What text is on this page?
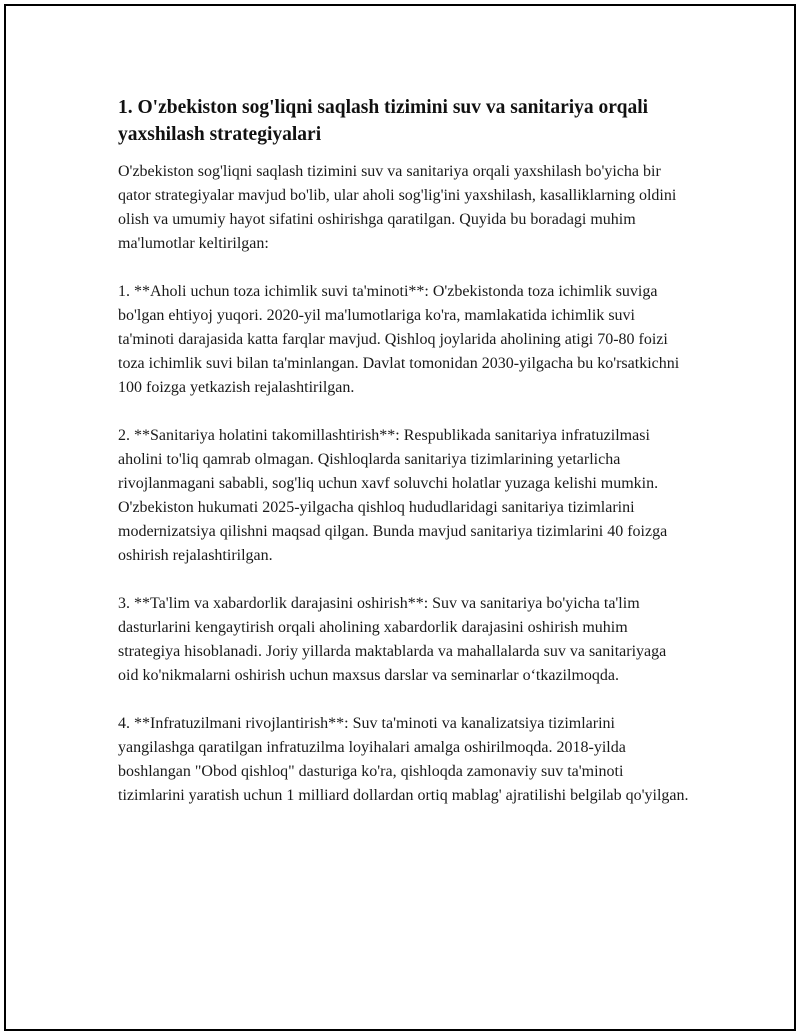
1. O'zbekiston sog'liqni saqlash tizimini suv va sanitariya orqali yaxshilash strategiyalari

O'zbekiston sog'liqni saqlash tizimini suv va sanitariya orqali yaxshilash bo'yicha bir qator strategiyalar mavjud bo'lib, ular aholi sog'lig'ini yaxshilash, kasalliklarning oldini olish va umumiy hayot sifatini oshirishga qaratilgan. Quyida bu boradagi muhim ma'lumotlar keltirilgan:

1. **Aholi uchun toza ichimlik suvi ta'minoti**: O'zbekistonda toza ichimlik suviga bo'lgan ehtiyoj yuqori. 2020-yil ma'lumotlariga ko'ra, mamlakatida ichimlik suvi ta'minoti darajasida katta farqlar mavjud. Qishloq joylarida aholining atigi 70-80 foizi toza ichimlik suvi bilan ta'minlangan. Davlat tomonidan 2030-yilgacha bu ko'rsatkichni 100 foizga yetkazish rejalashtirilgan.

2. **Sanitariya holatini takomillashtirish**: Respublikada sanitariya infratuzilmasi aholini to'liq qamrab olmagan. Qishloqlarda sanitariya tizimlarining yetarlicha rivojlanmagani sababli, sog'liq uchun xavf soluvchi holatlar yuzaga kelishi mumkin. O'zbekiston hukumati 2025-yilgacha qishloq hududlaridagi sanitariya tizimlarini modernizatsiya qilishni maqsad qilgan. Bunda mavjud sanitariya tizimlarini 40 foizga oshirish rejalashtirilgan.

3. **Ta'lim va xabardorlik darajasini oshirish**: Suv va sanitariya bo'yicha ta'lim dasturlarini kengaytirish orqali aholining xabardorlik darajasini oshirish muhim strategiya hisoblanadi. Joriy yillarda maktablarda va mahallalarda suv va sanitariyaga oid ko'nikmalarni oshirish uchun maxsus darslar va seminarlar o‘tkazilmoqda.

4. **Infratuzilmani rivojlantirish**: Suv ta'minoti va kanalizatsiya tizimlarini yangilashga qaratilgan infratuzilma loyihalari amalga oshirilmoqda. 2018-yilda boshlangan "Obod qishloq" dasturiga ko'ra, qishloqda zamonaviy suv ta'minoti tizimlarini yaratish uchun 1 milliard dollardan ortiq mablag' ajratilishi belgilab qo'yilgan.
